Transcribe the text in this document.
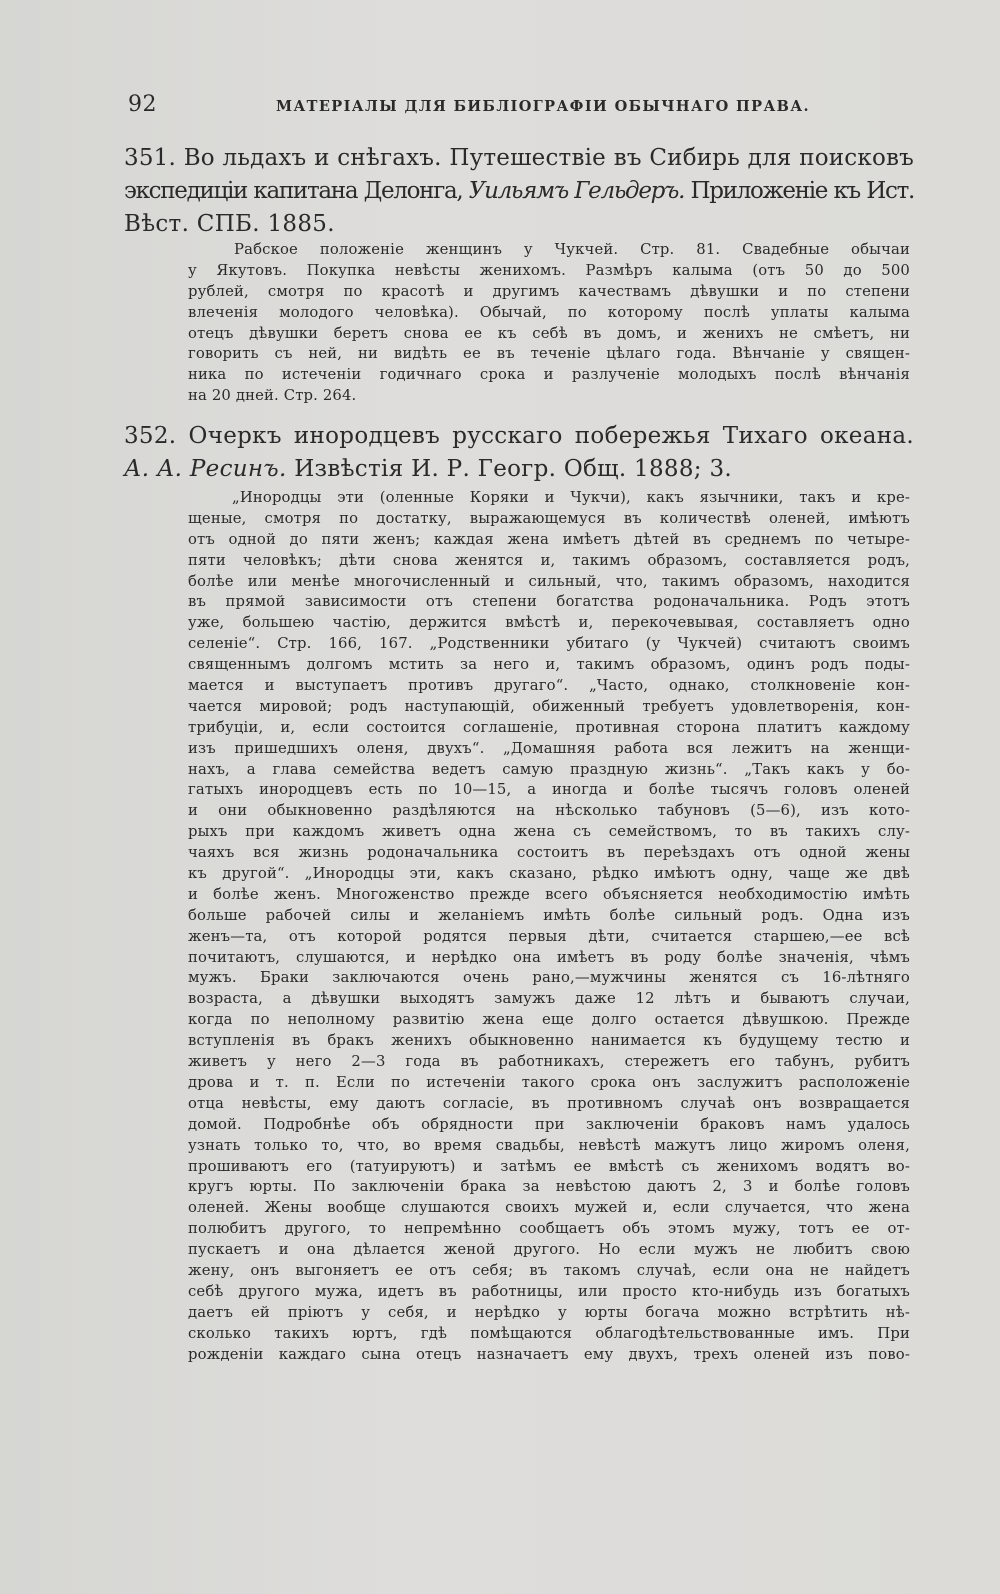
92	МАТЕРІАЛЫ ДЛЯ БИБЛІОГРАФІИ ОБЫЧНАГО ПРАВА.
351. Во льдахъ и снѣгахъ. Путешествіе въ Сибирь для поисковъ
экспедиціи капитана Делонга, Уильямъ Гельдеръ. Приложеніе къ Ист.
Вѣст. СПБ. 1885.
Рабское положеніе женщинъ у Чукчей. Стр. 81. Свадебные обычаи
у Якутовъ. Покупка невѣсты женихомъ. Размѣръ калыма (отъ 50 до 500
рублей, смотря по красотѣ и другимъ качествамъ дѣвушки и по степени
влеченія молодого человѣка). Обычай, по которому послѣ уплаты калыма
отецъ дѣвушки беретъ снова ее къ себѣ въ домъ, и женихъ не смѣетъ, ни
говорить съ ней, ни видѣть ее въ теченіе цѣлаго года. Вѣнчаніе у священ-
ника по истеченіи годичнаго срока и разлученіе молодыхъ послѣ вѣнчанія
на 20 дней. Стр. 264.
352. Очеркъ инородцевъ русскаго побережья Тихаго океана.
А. А. Ресинъ. Извѣстія И. Р. Геогр. Общ. 1888; 3.
„Инородцы эти (оленные Коряки и Чукчи), какъ язычники, такъ и кре-
щеные, смотря по достатку, выражающемуся въ количествѣ оленей, имѣютъ
отъ одной до пяти женъ; каждая жена имѣетъ дѣтей въ среднемъ по четыре-
пяти человѣкъ; дѣти снова женятся и, такимъ образомъ, составляется родъ,
болѣе или менѣе многочисленный и сильный, что, такимъ образомъ, находится
въ прямой зависимости отъ степени богатства родоначальника. Родъ этотъ
уже, большею частію, держится вмѣстѣ и, перекочевывая, составляетъ одно
селеніе“. Стр. 166, 167. „Родственники убитаго (у Чукчей) считаютъ своимъ
священнымъ долгомъ мстить за него и, такимъ образомъ, одинъ родъ поды-
мается и выступаетъ противъ другаго“. „Часто, однако, столкновеніе кон-
чается мировой; родъ наступающій, обиженный требуетъ удовлетворенія, кон-
трибуціи, и, если состоится соглашеніе, противная сторона платитъ каждому
изъ пришедшихъ оленя, двухъ“. „Домашняя работа вся лежитъ на женщи-
нахъ, а глава семейства ведетъ самую праздную жизнь“. „Такъ какъ у бо-
гатыхъ инородцевъ есть по 10—15, а иногда и болѣе тысячъ головъ оленей
и они обыкновенно раздѣляются на нѣсколько табуновъ (5—6), изъ кото-
рыхъ при каждомъ живетъ одна жена съ семействомъ, то въ такихъ слу-
чаяхъ вся жизнь родоначальника состоитъ въ переѣздахъ отъ одной жены
къ другой“. „Инородцы эти, какъ сказано, рѣдко имѣютъ одну, чаще же двѣ
и болѣе женъ. Многоженство прежде всего объясняется необходимостію имѣть
больше рабочей силы и желаніемъ имѣть болѣе сильный родъ. Одна изъ
женъ—та, отъ которой родятся первыя дѣти, считается старшею,—ее всѣ
почитаютъ, слушаются, и нерѣдко она имѣетъ въ роду болѣе значенія, чѣмъ
мужъ. Браки заключаются очень рано,—мужчины женятся съ 16-лѣтняго
возраста, а дѣвушки выходятъ замужъ даже 12 лѣтъ и бываютъ случаи,
когда по неполному развитію жена еще долго остается дѣвушкою. Прежде
вступленія въ бракъ женихъ обыкновенно нанимается къ будущему тестю и
живетъ у него 2—3 года въ работникахъ, стережетъ его табунъ, рубитъ
дрова и т. п. Если по истеченіи такого срока онъ заслужитъ расположеніе
отца невѣсты, ему даютъ согласіе, въ противномъ случаѣ онъ возвращается
домой. Подробнѣе объ обрядности при заключеніи браковъ намъ удалось
узнать только то, что, во время свадьбы, невѣстѣ мажутъ лицо жиромъ оленя,
прошиваютъ его (татуируютъ) и затѣмъ ее вмѣстѣ съ женихомъ водятъ во-
кругъ юрты. По заключеніи брака за невѣстою даютъ 2, 3 и болѣе головъ
оленей. Жены вообще слушаются своихъ мужей и, если случается, что жена
полюбитъ другого, то непремѣнно сообщаетъ объ этомъ мужу, тотъ ее от-
пускаетъ и она дѣлается женой другого. Но если мужъ не любитъ свою
жену, онъ выгоняетъ ее отъ себя; въ такомъ случаѣ, если она не найдетъ
себѣ другого мужа, идетъ въ работницы, или просто кто-нибудь изъ богатыхъ
даетъ ей пріютъ у себя, и нерѣдко у юрты богача можно встрѣтить нѣ-
сколько такихъ юртъ, гдѣ помѣщаются облагодѣтельствованные имъ. При
рожденіи каждаго сына отецъ назначаетъ ему двухъ, трехъ оленей изъ пово-
